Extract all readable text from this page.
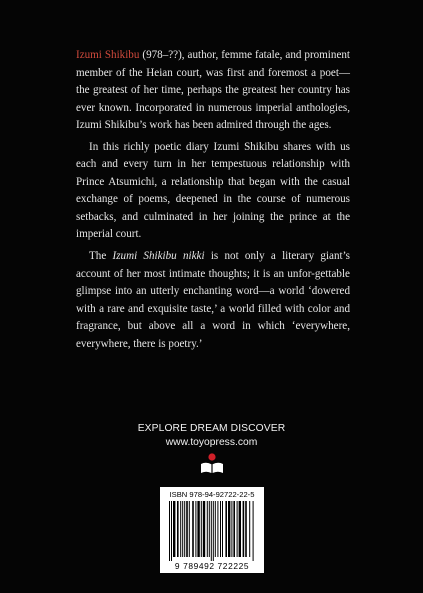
Izumi Shikibu (978–??), author, femme fatale, and prominent member of the Heian court, was first and foremost a poet—the greatest of her time, perhaps the greatest her country has ever known. Incorporated in numerous imperial anthologies, Izumi Shikibu’s work has been admired through the ages.

In this richly poetic diary Izumi Shikibu shares with us each and every turn in her tempestuous relationship with Prince Atsumichi, a relationship that began with the casual exchange of poems, deepened in the course of numerous setbacks, and culminated in her joining the prince at the imperial court.

The Izumi Shikibu nikki is not only a literary giant’s account of her most intimate thoughts; it is an unfor-gettable glimpse into an utterly enchanting word—a world ‘dowered with a rare and exquisite taste,’ a world filled with color and fragrance, but above all a word in which ‘everywhere, everywhere, there is poetry.’

EXPLORE DREAM DISCOVER
www.toyopress.com
ISBN 978-94-92722-22-5
9 789492 722225
